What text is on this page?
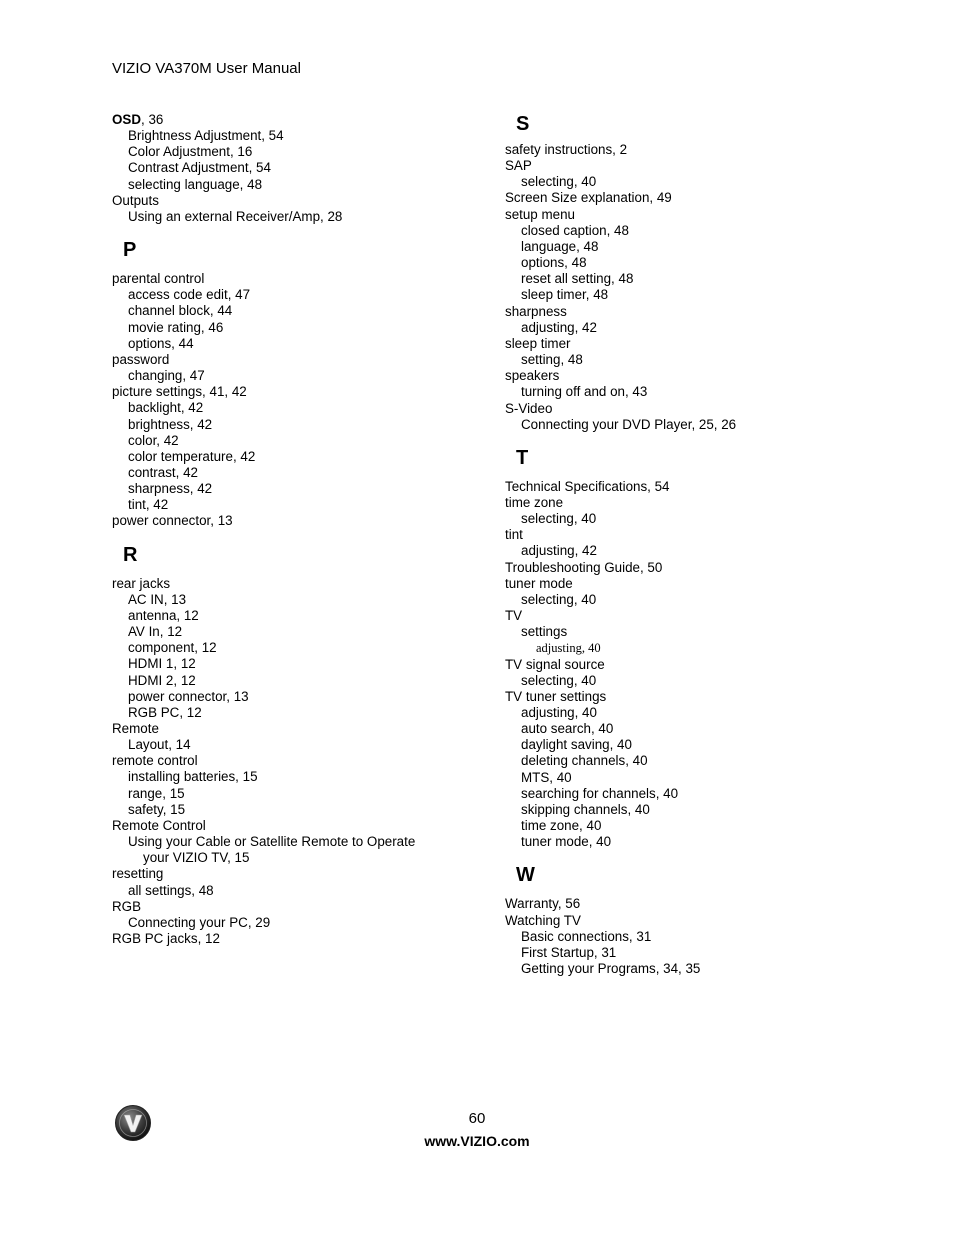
VIZIO VA370M User Manual
OSD, 36
Brightness Adjustment, 54
Color Adjustment, 16
Contrast Adjustment, 54
selecting language, 48
Outputs
Using an external Receiver/Amp, 28
P
parental control
access code edit, 47
channel block, 44
movie rating, 46
options, 44
password
changing, 47
picture settings, 41, 42
backlight, 42
brightness, 42
color, 42
color temperature, 42
contrast, 42
sharpness, 42
tint, 42
power connector, 13
R
rear jacks
AC IN, 13
antenna, 12
AV In, 12
component, 12
HDMI 1, 12
HDMI 2, 12
power connector, 13
RGB PC, 12
Remote
Layout, 14
remote control
installing batteries, 15
range, 15
safety, 15
Remote Control
Using your Cable or Satellite Remote to Operate
your VIZIO TV, 15
resetting
all settings, 48
RGB
Connecting your PC, 29
RGB PC jacks, 12
S
safety instructions, 2
SAP
selecting, 40
Screen Size explanation, 49
setup menu
closed caption, 48
language, 48
options, 48
reset all setting, 48
sleep timer, 48
sharpness
adjusting, 42
sleep timer
setting, 48
speakers
turning off and on, 43
S-Video
Connecting your DVD Player, 25, 26
T
Technical Specifications, 54
time zone
selecting, 40
tint
adjusting, 42
Troubleshooting Guide, 50
tuner mode
selecting, 40
TV
settings
adjusting, 40
TV signal source
selecting, 40
TV tuner settings
adjusting, 40
auto search, 40
daylight saving, 40
deleting channels, 40
MTS, 40
searching for channels, 40
skipping channels, 40
time zone, 40
tuner mode, 40
W
Warranty, 56
Watching TV
Basic connections, 31
First Startup, 31
Getting your Programs, 34, 35
60
www.VIZIO.com
